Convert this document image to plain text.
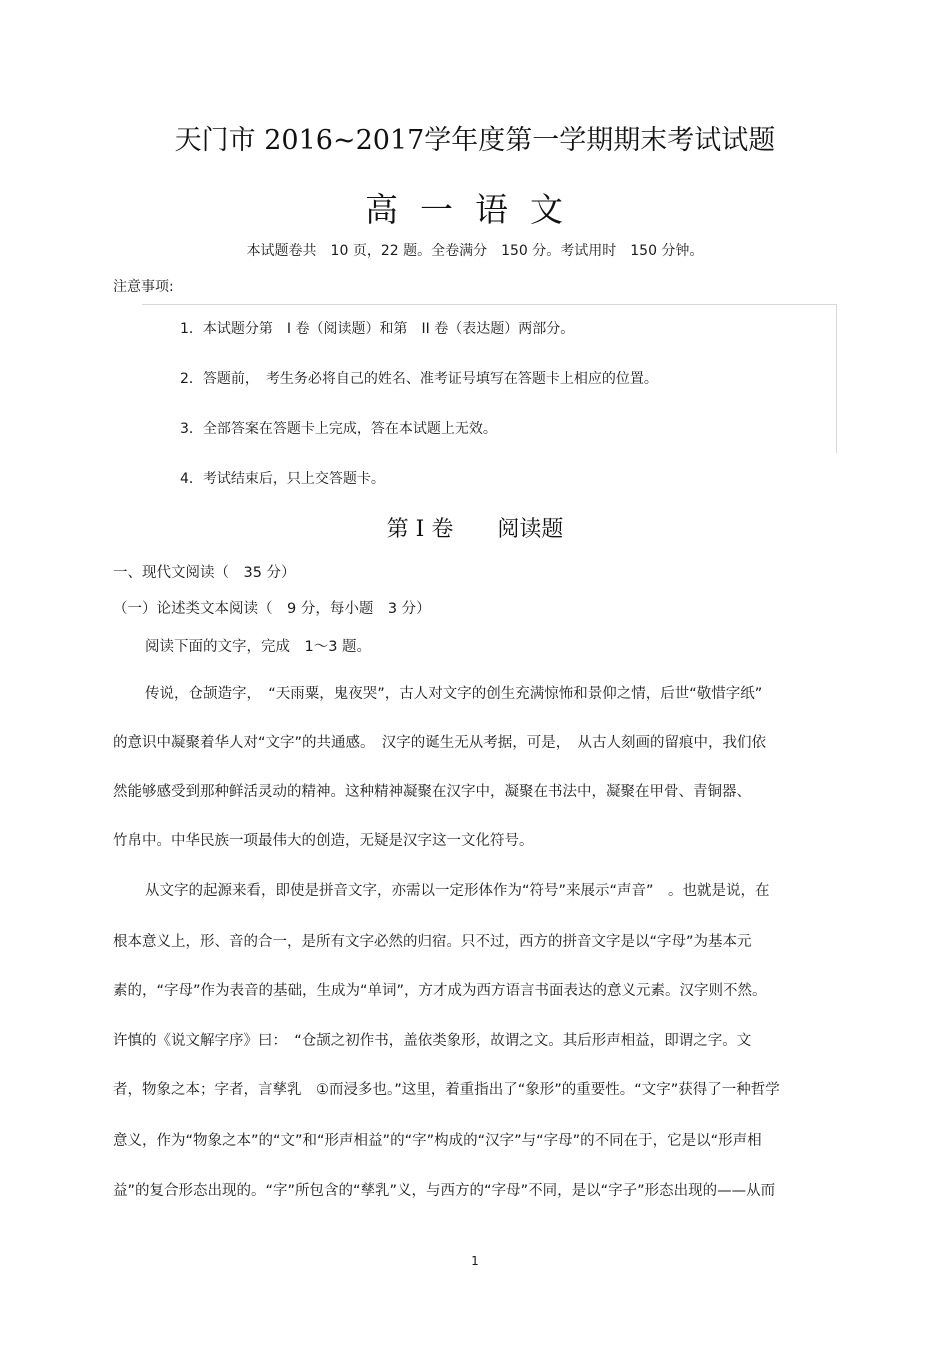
天门市 2016~2017学年度第一学期期末考试试题
高一语文
本试题卷共　10 页，22 题。全卷满分　150 分。考试用时　150 分钟。
注意事项:
1．本试题分第　I 卷（阅读题）和第　II 卷（表达题）两部分。
2．答题前，　考生务必将自己的姓名、准考证号填写在答题卡上相应的位置。
3．全部答案在答题卡上完成，答在本试题上无效。
4．考试结束后，只上交答题卡。
第 I 卷　　阅读题
一、现代文阅读（　35 分）
（一）论述类文本阅读（　9 分，每小题　3 分）
阅读下面的文字，完成　1～3 题。
传说，仓颉造字，　“天雨粟，鬼夜哭”，古人对文字的创生充满惊怖和景仰之情，后世“敬惜字纸”
的意识中凝聚着华人对“文字”的共通感。　汉字的诞生无从考据，可是，　从古人刻画的留痕中，我们依
然能够感受到那种鲜活灵动的精神。这种精神凝聚在汉字中，凝聚在书法中，凝聚在甲骨、青铜器、
竹帛中。中华民族一项最伟大的创造，无疑是汉字这一文化符号。
从文字的起源来看，即使是拼音文字，亦需以一定形体作为“符号”来展示“声音”　。也就是说，在
根本意义上，形、音的合一，是所有文字必然的归宿。只不过，西方的拼音文字是以“字母”为基本元
素的，“字母”作为表音的基础，生成为“单词”，方才成为西方语言书面表达的意义元素。汉字则不然。
许慎的《说文解字序》曰：　“仓颉之初作书，盖依类象形，故谓之文。其后形声相益，即谓之字。文
者，物象之本；字者，言孳乳　①而浸多也。”这里，着重指出了“象形”的重要性。“文字”获得了一种哲学
意义，作为“物象之本”的“文”和“形声相益”的“字”构成的“汉字”与“字母”的不同在于，它是以“形声相
益”的复合形态出现的。“字”所包含的“孳乳”义，与西方的“字母”不同，是以“字子”形态出现的——从而
1
